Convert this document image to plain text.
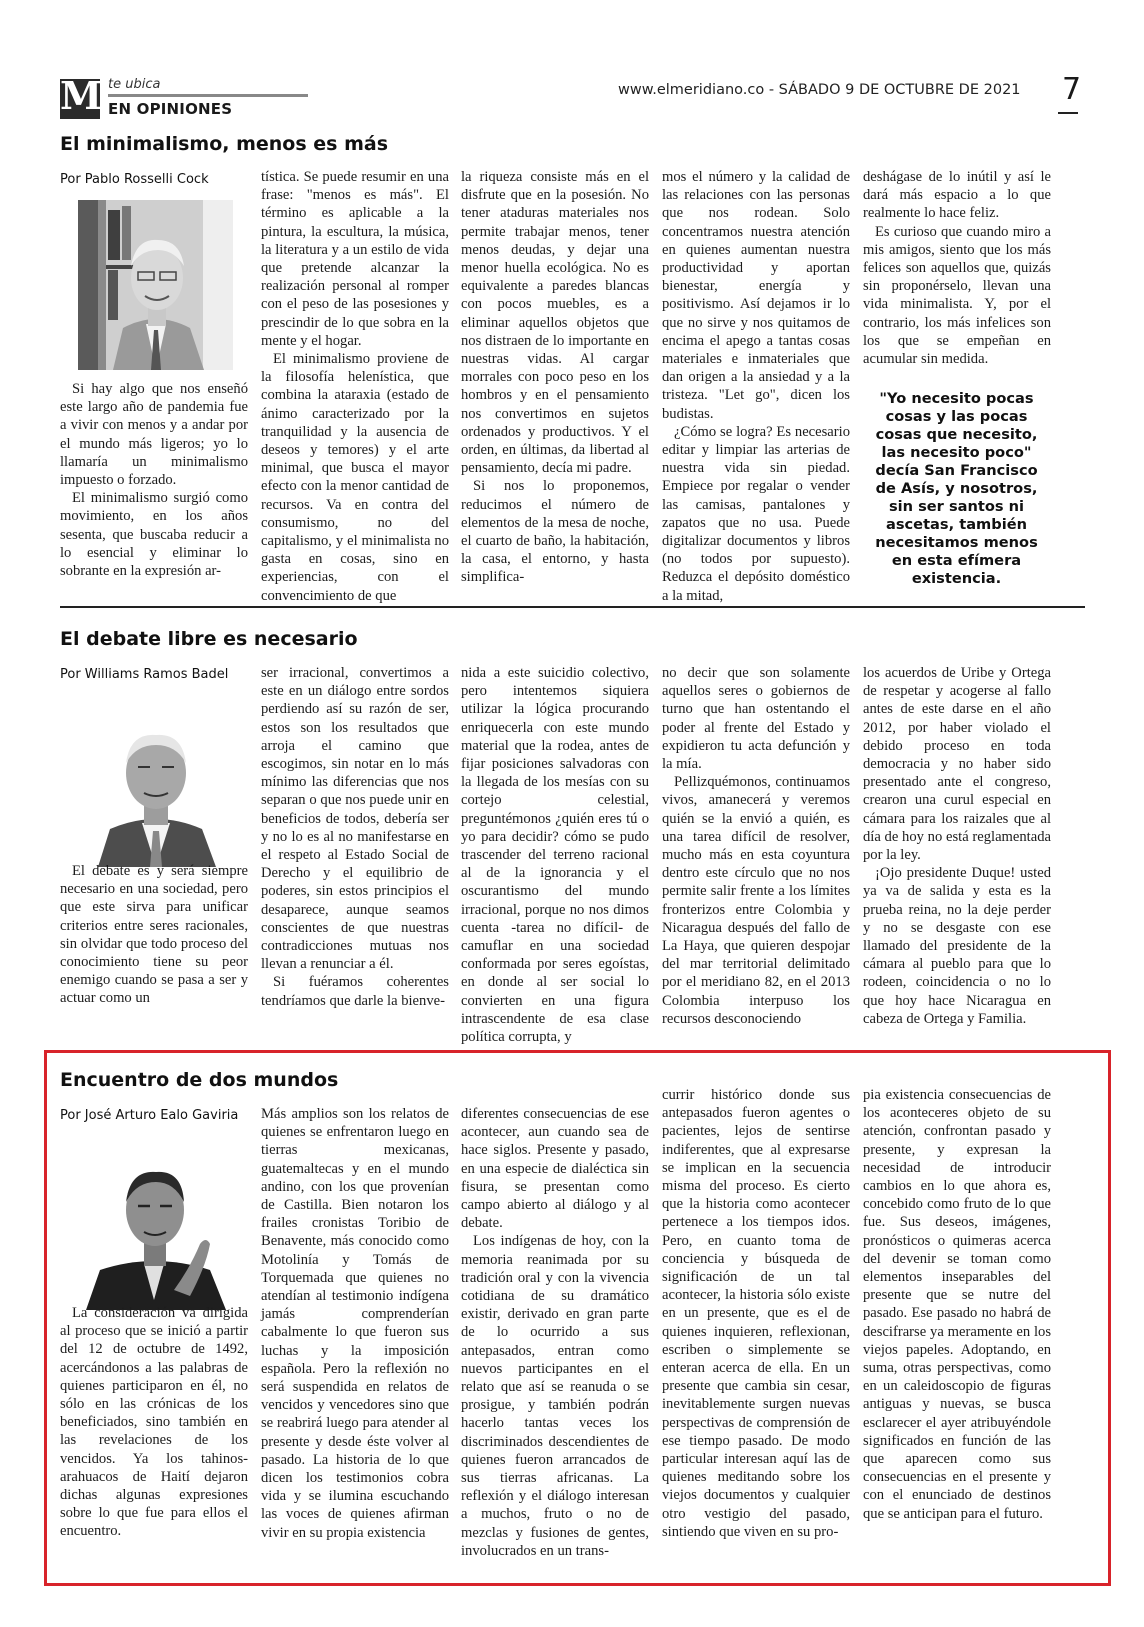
M te ubica
EN OPINIONES
www.elmeridiano.co - SÁBADO 9 DE OCTUBRE DE 2021 7
El minimalismo, menos es más
Por Pablo Rosselli Cock

Si hay algo que nos enseñó este largo año de pandemia fue a vivir con menos y a andar por el mundo más ligeros; yo lo llamaría un minimalismo impuesto o forzado.

El minimalismo surgió como movimiento, en los años sesenta, que buscaba reducir a lo esencial y eliminar lo sobrante en la expresión ar-

tística. Se puede resumir en una frase: "menos es más". El término es aplicable a la pintura, la escultura, la música, la literatura y a un estilo de vida que pretende alcanzar la realización personal al romper con el peso de las posesiones y prescindir de lo que sobra en la mente y el hogar.

El minimalismo proviene de la filosofía helenística, que combina la ataraxia (estado de ánimo caracterizado por la tranquilidad y la ausencia de deseos y temores) y el arte minimal, que busca el mayor efecto con la menor cantidad de recursos. Va en contra del consumismo, no del capitalismo, y el minimalista no gasta en cosas, sino en experiencias, con el convencimiento de que

la riqueza consiste más en el disfrute que en la posesión. No tener ataduras materiales nos permite trabajar menos, tener menos deudas, y dejar una menor huella ecológica. No es equivalente a paredes blancas con pocos muebles, es a eliminar aquellos objetos que nos distraen de lo importante en nuestras vidas. Al cargar morrales con poco peso en los hombros y en el pensamiento nos convertimos en sujetos ordenados y productivos. Y el orden, en últimas, da libertad al pensamiento, decía mi padre.

Si nos lo proponemos, reducimos el número de elementos de la mesa de noche, el cuarto de baño, la habitación, la casa, el entorno, y hasta simplifica-

mos el número y la calidad de las relaciones con las personas que nos rodean. Solo concentramos nuestra atención en quienes aumentan nuestra productividad y aportan bienestar, energía y positivismo. Así dejamos ir lo que no sirve y nos quitamos de encima el apego a tantas cosas materiales e inmateriales que dan origen a la ansiedad y a la tristeza. "Let go", dicen los budistas.

¿Cómo se logra? Es necesario editar y limpiar las arterias de nuestra vida sin piedad. Empiece por regalar o vender las camisas, pantalones y zapatos que no usa. Puede digitalizar documentos y libros (no todos por supuesto). Reduzca el depósito doméstico a la mitad,

deshágase de lo inútil y así le dará más espacio a lo que realmente lo hace feliz.

Es curioso que cuando miro a mis amigos, siento que los más felices son aquellos que, quizás sin proponérselo, llevan una vida minimalista. Y, por el contrario, los más infelices son los que se empeñan en acumular sin medida.

"Yo necesito pocas cosas y las pocas cosas que necesito, las necesito poco" decía San Francisco de Asís, y nosotros, sin ser santos ni ascetas, también necesitamos menos en esta efímera existencia.
El debate libre es necesario
Por Williams Ramos Badel

El debate es y será siempre necesario en una sociedad, pero que este sirva para unificar criterios entre seres racionales, sin olvidar que todo proceso del conocimiento tiene su peor enemigo cuando se pasa a ser y actuar como un

ser irracional, convertimos a este en un diálogo entre sordos perdiendo así su razón de ser, estos son los resultados que arroja el camino que escogimos, sin notar en lo más mínimo las diferencias que nos separan o que nos puede unir en beneficios de todos, debería ser y no lo es al no manifestarse en el respeto al Estado Social de Derecho y el equilibrio de poderes, sin estos principios el desaparece, aunque seamos conscientes de que nuestras contradicciones mutuas nos llevan a renunciar a él.

Si fuéramos coherentes tendríamos que darle la bienve-

nida a este suicidio colectivo, pero intentemos siquiera utilizar la lógica procurando enriquecerla con este mundo material que la rodea, antes de fijar posiciones salvadoras con la llegada de los mesías con su cortejo celestial, preguntémonos ¿quién eres tú o yo para decidir? cómo se pudo trascender del terreno racional al de la ignorancia y el oscurantismo del mundo irracional, porque no nos dimos cuenta -tarea no difícil- de camuflar en una sociedad conformada por seres egoístas, en donde al ser social lo convierten en una figura intrascendente de esa clase política corrupta, y

no decir que son solamente aquellos seres o gobiernos de turno que han ostentando el poder al frente del Estado y expidieron tu acta defunción y la mía.

Pellizquémonos, continuamos vivos, amanecerá y veremos quién se la envió a quién, es una tarea difícil de resolver, mucho más en esta coyuntura dentro este círculo que no nos permite salir frente a los límites fronterizos entre Colombia y Nicaragua después del fallo de La Haya, que quieren despojar del mar territorial delimitado por el meridiano 82, en el 2013 Colombia interpuso los recursos desconociendo

los acuerdos de Uribe y Ortega de respetar y acogerse al fallo antes de este darse en el año 2012, por haber violado el debido proceso en toda democracia y no haber sido presentado ante el congreso, crearon una curul especial en cámara para los raizales que al día de hoy no está reglamentada por la ley.

¡Ojo presidente Duque! usted ya va de salida y esta es la prueba reina, no la deje perder y no se desgaste con ese llamado del presidente de la cámara al pueblo para que lo rodeen, coincidencia o no lo que hoy hace Nicaragua en cabeza de Ortega y Familia.

Encuentro de dos mundos
Por José Arturo Ealo Gaviria

La consideración va dirigida al proceso que se inició a partir del 12 de octubre de 1492, acercándonos a las palabras de quienes participaron en él, no sólo en las crónicas de los beneficiados, sino también en las revelaciones de los vencidos. Ya los tahinos-arahuacos de Haití dejaron dichas algunas expresiones sobre lo que fue para ellos el encuentro.

Más amplios son los relatos de quienes se enfrentaron luego en tierras mexicanas, guatemaltecas y en el mundo andino, con los que provenían de Castilla. Bien notaron los frailes cronistas Toribio de Benavente, más conocido como Motolinía y Tomás de Torquemada que quienes no atendían al testimonio indígena jamás comprenderían cabalmente lo que fueron sus luchas y la imposición española. Pero la reflexión no será suspendida en relatos de vencidos y vencedores sino que se reabrirá luego para atender al presente y desde éste volver al pasado. La historia de lo que dicen los testimonios cobra vida y se ilumina escuchando las voces de quienes afirman vivir en su propia existencia

diferentes consecuencias de ese acontecer, aun cuando sea de hace siglos. Presente y pasado, en una especie de dialéctica sin fisura, se presentan como campo abierto al diálogo y al debate.

Los indígenas de hoy, con la memoria reanimada por su tradición oral y con la vivencia cotidiana de su dramático existir, derivado en gran parte de lo ocurrido a sus antepasados, entran como nuevos participantes en el relato que así se reanuda o se prosigue, y también podrán hacerlo tantas veces los discriminados descendientes de quienes fueron arrancados de sus tierras africanas. La reflexión y el diálogo interesan a muchos, fruto o no de mezclas y fusiones de gentes, involucrados en un trans-

currir histórico donde sus antepasados fueron agentes o pacientes, lejos de sentirse indiferentes, que al expresarse se implican en la secuencia misma del proceso. Es cierto que la historia como acontecer pertenece a los tiempos idos. Pero, en cuanto toma de conciencia y búsqueda de significación de un tal acontecer, la historia sólo existe en un presente, que es el de quienes inquieren, reflexionan, escriben o simplemente se enteran acerca de ella. En un presente que cambia sin cesar, inevitablemente surgen nuevas perspectivas de comprensión de ese tiempo pasado. De modo particular interesan aquí las de quienes meditando sobre los viejos documentos y cualquier otro vestigio del pasado, sintiendo que viven en su pro-

pia existencia consecuencias de los aconteceres objeto de su atención, confrontan pasado y presente, y expresan la necesidad de introducir cambios en lo que ahora es, concebido como fruto de lo que fue. Sus deseos, imágenes, pronósticos o quimeras acerca del devenir se toman como elementos inseparables del presente que se nutre del pasado. Ese pasado no habrá de descifrarse ya meramente en los viejos papeles. Adoptando, en suma, otras perspectivas, como en un caleidoscopio de figuras antiguas y nuevas, se busca esclarecer el ayer atribuyéndole significados en función de las que aparecen como sus consecuencias en el presente y con el enunciado de destinos que se anticipan para el futuro.
